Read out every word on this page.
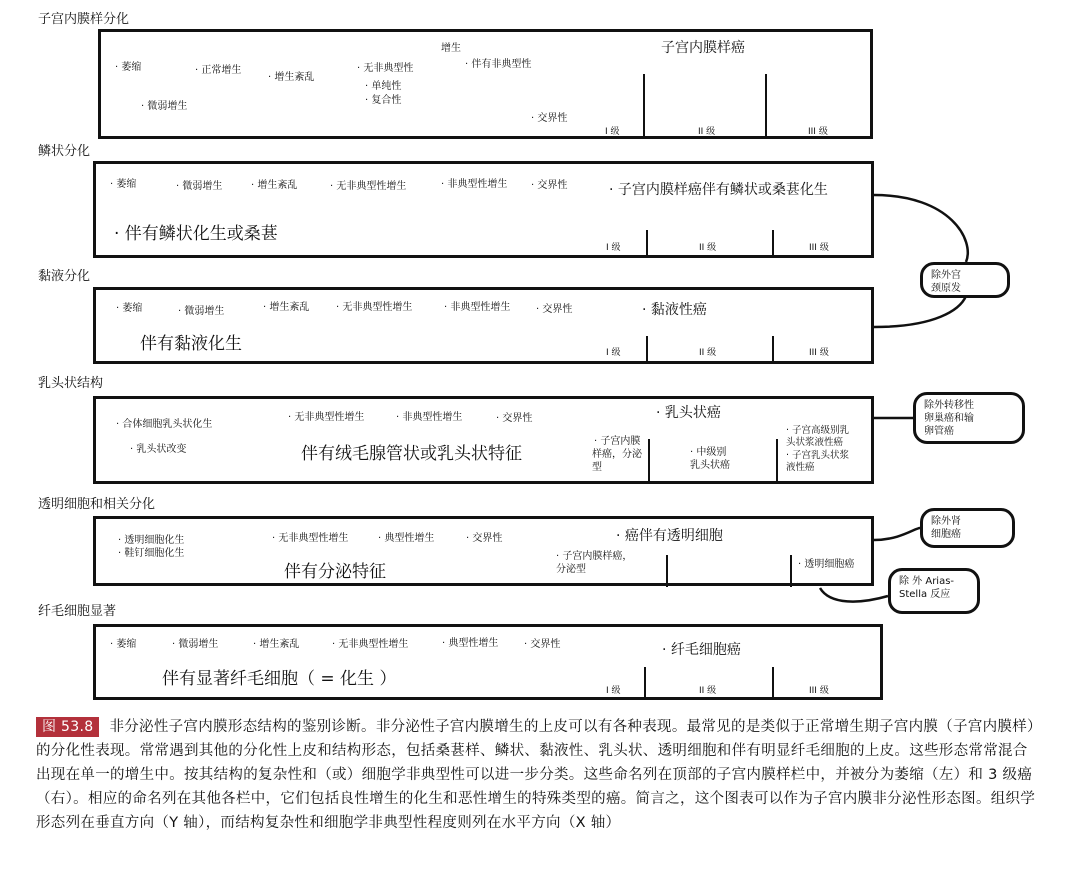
子宫内膜样分化
· 萎缩	· 正常增生
· 微弱增生
· 增生紊乱
增生
· 无非典型性	· 伴有非典型性
· 单纯性
· 复合性
· 交界性
子宫内膜样癌
I 级	II 级	III 级
鳞状分化
· 萎缩	· 微弱增生	· 增生紊乱	· 无非典型性增生	· 非典型性增生 · 交界性	· 子宫内膜样癌伴有鳞状或桑葚化生
· 伴有鳞状化生或桑葚
I 级	II 级	III 级
黏液分化
· 萎缩	· 微弱增生	· 增生紊乱	· 无非典型性增生	· 非典型性增生	· 交界性	· 黏液性癌
伴有黏液化生	I 级	II 级	III 级
除外宫
颈原发
乳头状结构
· 合体细胞乳头状化生
· 乳头状改变
· 无非典型性增生	· 非典型性增生	· 交界性	· 乳头状癌
伴有绒毛腺管状或乳头状特征
· 子宫内膜
样癌，分泌
型
· 中级别
乳头状癌
· 子宫高级别乳
头状浆液性癌
· 子宫乳头状浆
液性癌
除外转移性
卵巢癌和输
卵管癌
透明细胞和相关分化
· 透明细胞化生
· 鞋钉细胞化生
· 无非典型性增生	· 典型性增生	· 交界性	· 癌伴有透明细胞
伴有分泌特征
· 子宫内膜样癌，
分泌型	· 透明细胞癌
除外肾
细胞癌
除 外 Arias-
Stella 反应
纤毛细胞显著
· 萎缩	· 微弱增生	· 增生紊乱	· 无非典型性增生	· 典型性增生	· 交界性	· 纤毛细胞癌
伴有显著纤毛细胞（ = 化生 ）
I 级	II 级	III 级
图 53.8 非分泌性子宫内膜形态结构的鉴别诊断。非分泌性子宫内膜增生的上皮可以有各种表现。最常见的是类似于正常增生期子宫内膜（子宫内膜样）的分化性表现。常常遇到其他的分化性上皮和结构形态，包括桑葚样、鳞状、黏液性、乳头状、透明细胞和伴有明显纤毛细胞的上皮。这些形态常常混合出现在单一的增生中。按其结构的复杂性和（或）细胞学非典型性可以进一步分类。这些命名列在顶部的子宫内膜样栏中，并被分为萎缩（左）和 3 级癌（右）。相应的命名列在其他各栏中，它们包括良性增生的化生和恶性增生的特殊类型的癌。简言之，这个图表可以作为子宫内膜非分泌性形态图。组织学形态列在垂直方向（Y 轴），而结构复杂性和细胞学非典型性程度则列在水平方向（X 轴）
